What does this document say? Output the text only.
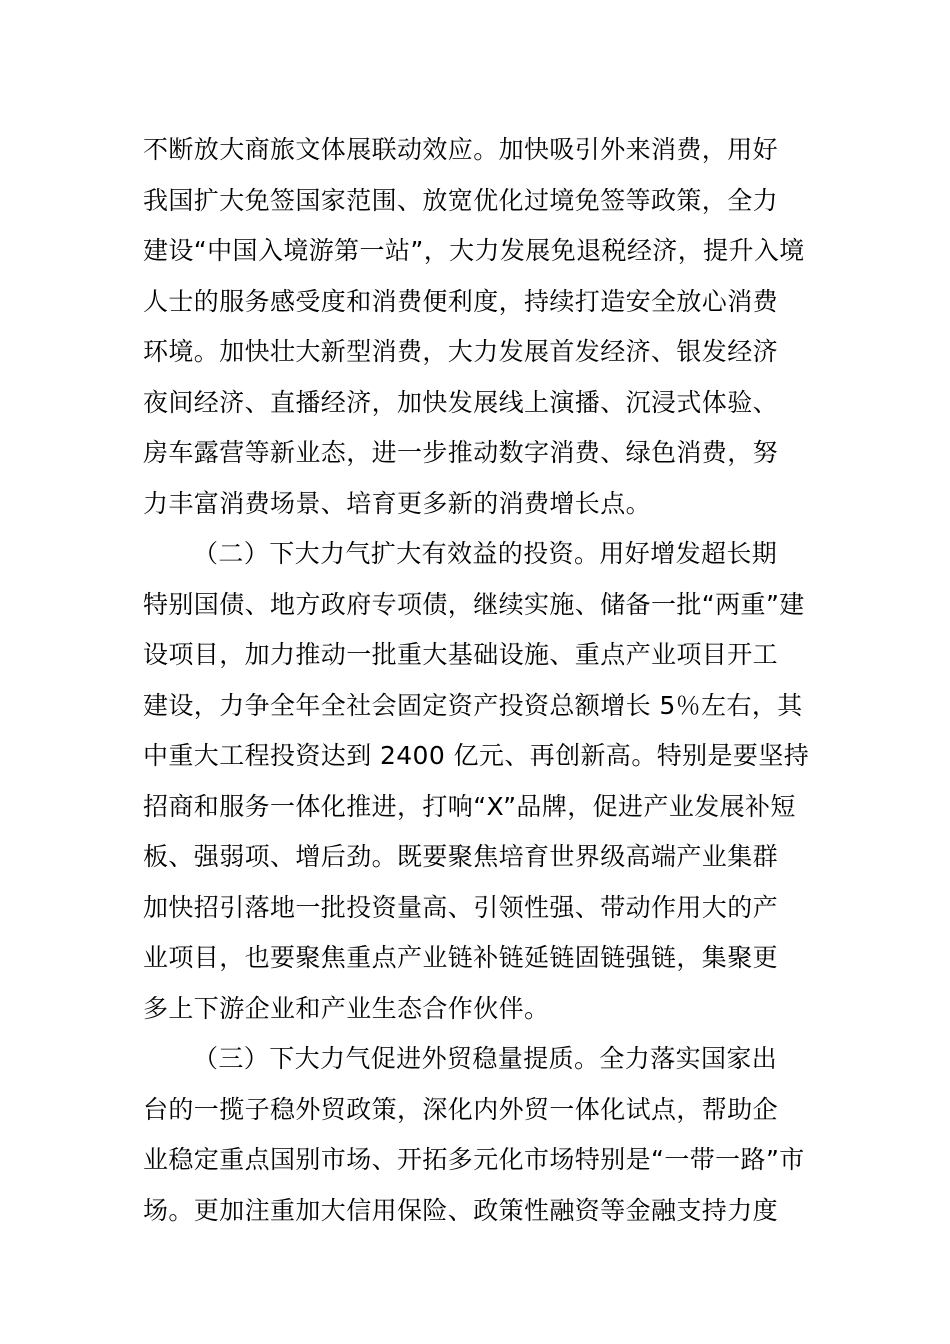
不断放大商旅文体展联动效应。加快吸引外来消费，用好
我国扩大免签国家范围、放宽优化过境免签等政策，全力
建设“中国入境游第一站”，大力发展免退税经济，提升入境
人士的服务感受度和消费便利度，持续打造安全放心消费
环境。加快壮大新型消费，大力发展首发经济、银发经济
夜间经济、直播经济，加快发展线上演播、沉浸式体验、
房车露营等新业态，进一步推动数字消费、绿色消费，努
力丰富消费场景、培育更多新的消费增长点。
（二）下大力气扩大有效益的投资。用好增发超长期
特别国债、地方政府专项债，继续实施、储备一批“两重”建
设项目，加力推动一批重大基础设施、重点产业项目开工
建设，力争全年全社会固定资产投资总额增长 5％左右，其
中重大工程投资达到 2400 亿元、再创新高。特别是要坚持
招商和服务一体化推进，打响“X”品牌，促进产业发展补短
板、强弱项、增后劲。既要聚焦培育世界级高端产业集群
加快招引落地一批投资量高、引领性强、带动作用大的产
业项目，也要聚焦重点产业链补链延链固链强链，集聚更
多上下游企业和产业生态合作伙伴。
（三）下大力气促进外贸稳量提质。全力落实国家出
台的一揽子稳外贸政策，深化内外贸一体化试点，帮助企
业稳定重点国别市场、开拓多元化市场特别是“一带一路”市
场。更加注重加大信用保险、政策性融资等金融支持力度
